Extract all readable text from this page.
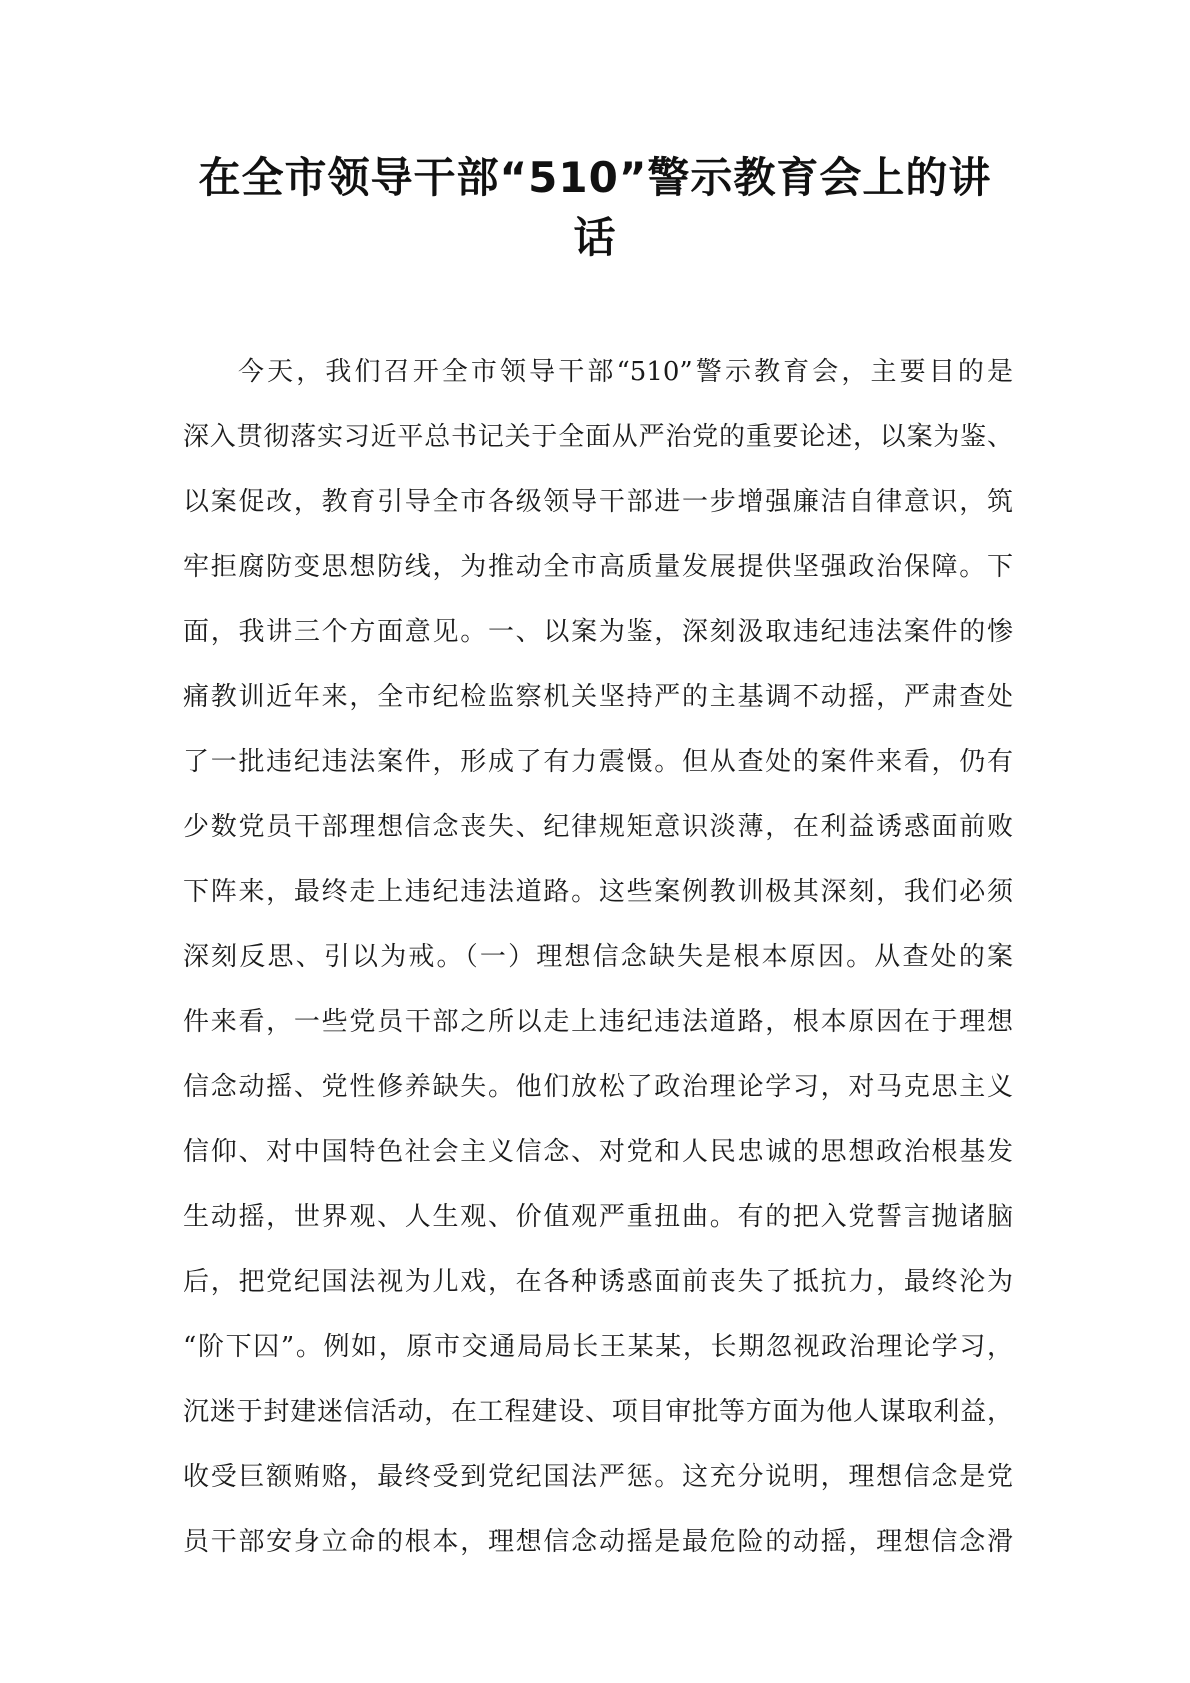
在全市领导干部“510”警示教育会上的讲
话
今天，我们召开全市领导干部“510”警示教育会，主要目的是
深入贯彻落实习近平总书记关于全面从严治党的重要论述，以案为鉴、
以案促改，教育引导全市各级领导干部进一步增强廉洁自律意识，筑
牢拒腐防变思想防线，为推动全市高质量发展提供坚强政治保障。下
面，我讲三个方面意见。一、以案为鉴，深刻汲取违纪违法案件的惨
痛教训近年来，全市纪检监察机关坚持严的主基调不动摇，严肃查处
了一批违纪违法案件，形成了有力震慑。但从查处的案件来看，仍有
少数党员干部理想信念丧失、纪律规矩意识淡薄，在利益诱惑面前败
下阵来，最终走上违纪违法道路。这些案例教训极其深刻，我们必须
深刻反思、引以为戒。（一）理想信念缺失是根本原因。从查处的案
件来看，一些党员干部之所以走上违纪违法道路，根本原因在于理想
信念动摇、党性修养缺失。他们放松了政治理论学习，对马克思主义
信仰、对中国特色社会主义信念、对党和人民忠诚的思想政治根基发
生动摇，世界观、人生观、价值观严重扭曲。有的把入党誓言抛诸脑
后，把党纪国法视为儿戏，在各种诱惑面前丧失了抵抗力，最终沦为
“阶下囚”。例如，原市交通局局长王某某，长期忽视政治理论学习，
沉迷于封建迷信活动，在工程建设、项目审批等方面为他人谋取利益，
收受巨额贿赂，最终受到党纪国法严惩。这充分说明，理想信念是党
员干部安身立命的根本，理想信念动摇是最危险的动摇，理想信念滑
